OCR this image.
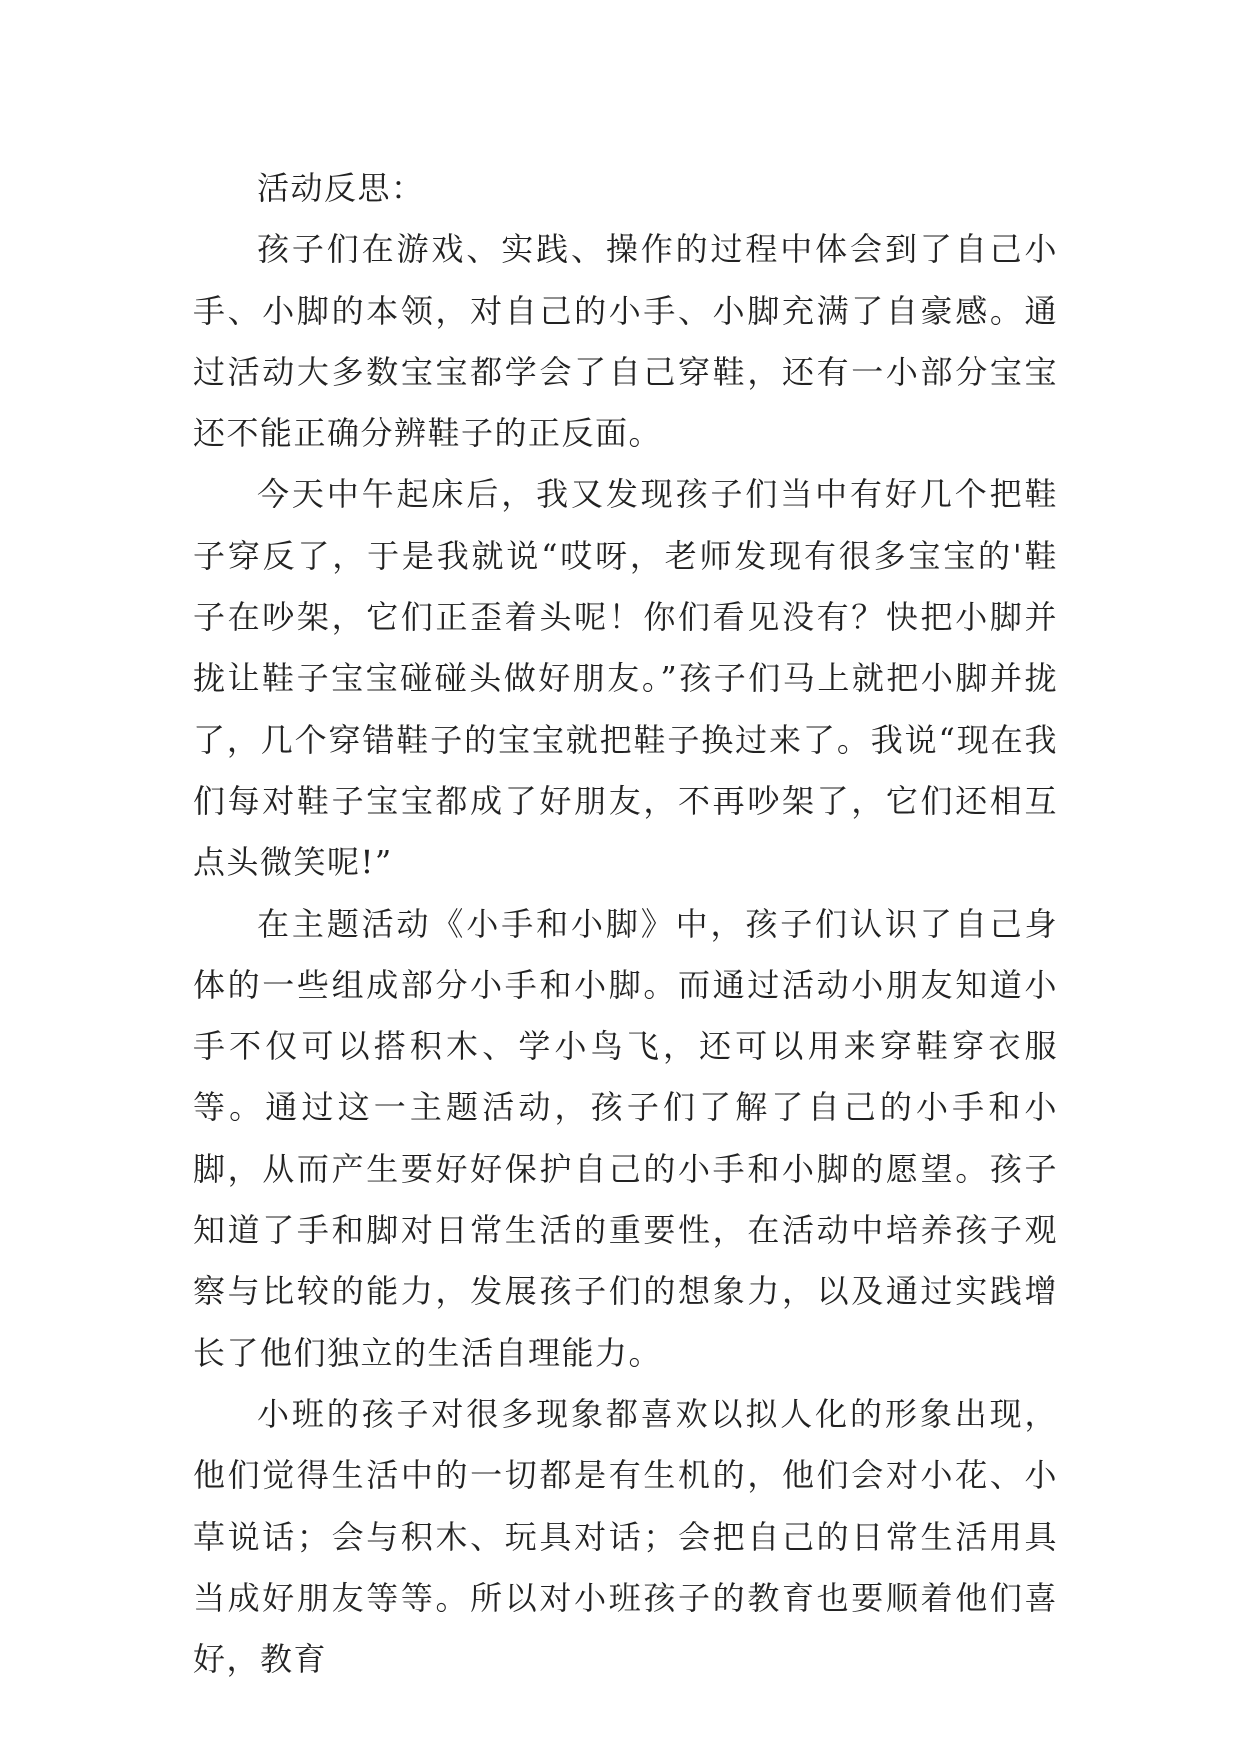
活动反思：

孩子们在游戏、实践、操作的过程中体会到了自己小手、小脚的本领，对自己的小手、小脚充满了自豪感。通过活动大多数宝宝都学会了自己穿鞋，还有一小部分宝宝还不能正确分辨鞋子的正反面。

今天中午起床后，我又发现孩子们当中有好几个把鞋子穿反了，于是我就说“哎呀，老师发现有很多宝宝的'鞋子在吵架，它们正歪着头呢！你们看见没有？快把小脚并拢让鞋子宝宝碰碰头做好朋友。”孩子们马上就把小脚并拢了，几个穿错鞋子的宝宝就把鞋子换过来了。我说“现在我们每对鞋子宝宝都成了好朋友，不再吵架了，它们还相互点头微笑呢!”

在主题活动《小手和小脚》中，孩子们认识了自己身体的一些组成部分小手和小脚。而通过活动小朋友知道小手不仅可以搭积木、学小鸟飞，还可以用来穿鞋穿衣服等。通过这一主题活动，孩子们了解了自己的小手和小脚，从而产生要好好保护自己的小手和小脚的愿望。孩子知道了手和脚对日常生活的重要性，在活动中培养孩子观察与比较的能力，发展孩子们的想象力，以及通过实践增长了他们独立的生活自理能力。

小班的孩子对很多现象都喜欢以拟人化的形象出现，他们觉得生活中的一切都是有生机的，他们会对小花、小草说话；会与积木、玩具对话；会把自己的日常生活用具当成好朋友等等。所以对小班孩子的教育也要顺着他们喜好，教育
